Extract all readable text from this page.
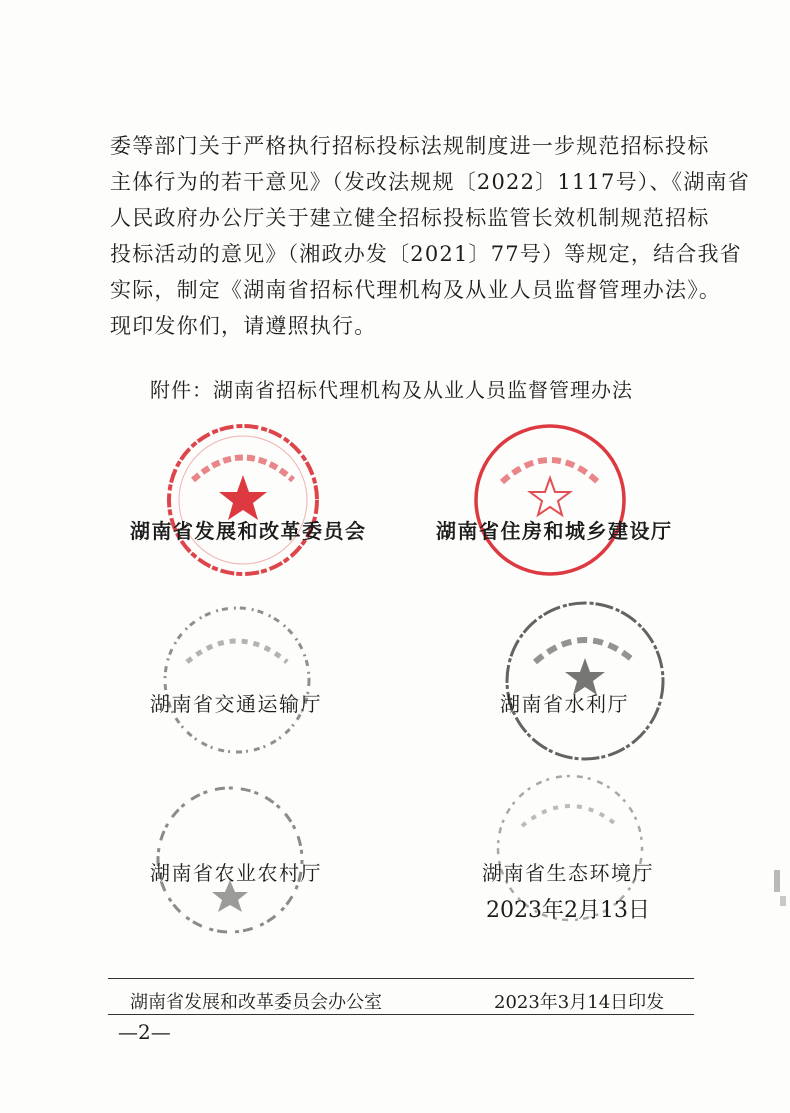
委等部门关于严格执行招标投标法规制度进一步规范招标投标

主体行为的若干意见》（发改法规规〔2022〕1117号）、《湖南省

人民政府办公厅关于建立健全招标投标监管长效机制规范招标

投标活动的意见》（湘政办发〔2021〕77号）等规定，结合我省

实际，制定《湖南省招标代理机构及从业人员监督管理办法》。

现印发你们，请遵照执行。

附件：湖南省招标代理机构及从业人员监督管理办法
湖南省发展和改革委员会	湖南省住房和城乡建设厅
湖南省交通运输厅	湖南省水利厅
湖南省农业农村厅	湖南省生态环境厅
2023年2月13日
湖南省发展和改革委员会办公室	2023年3月14日印发
—2—
